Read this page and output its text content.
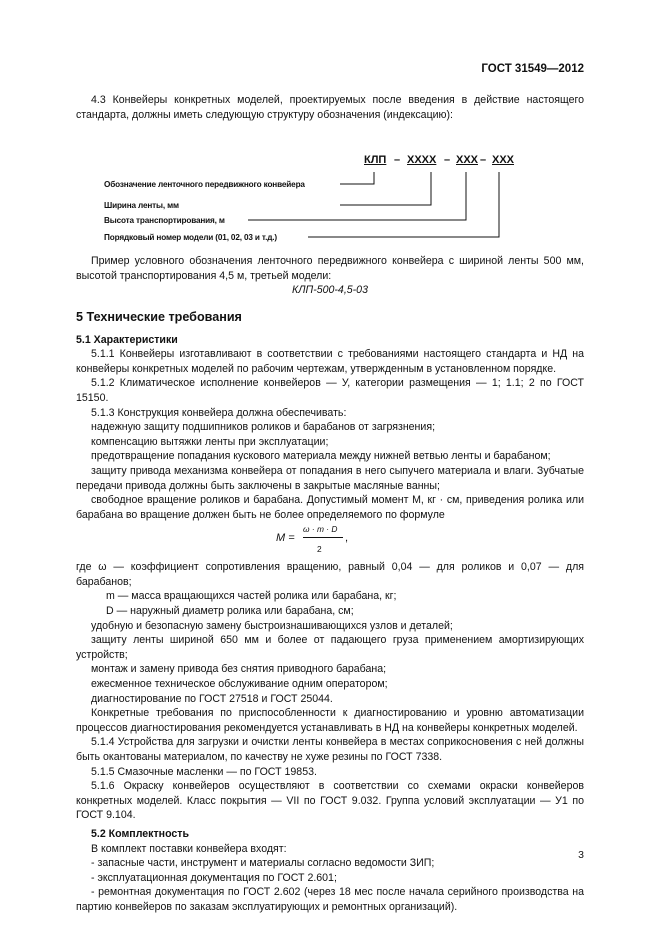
ГОСТ 31549—2012

4.3 Конвейеры конкретных моделей, проектируемых после введения в действие настоящего стандарта, должны иметь следующую структуру обозначения (индексацию):

КЛП – ХХХХ – ХХХ – ХХХ
Обозначение ленточного передвижного конвейера
Ширина ленты, мм
Высота транспортирования, м
Порядковый номер модели (01, 02, 03 и т.д.)

Пример условного обозначения ленточного передвижного конвейера с шириной ленты 500 мм, высотой транспортирования 4,5 м, третьей модели:

КЛП-500-4,5-03

5 Технические требования

5.1 Характеристики

5.1.1 Конвейеры изготавливают в соответствии с требованиями настоящего стандарта и НД на конвейеры конкретных моделей по рабочим чертежам, утвержденным в установленном порядке.

5.1.2 Климатическое исполнение конвейеров — У, категории размещения — 1; 1.1; 2 по ГОСТ 15150.

5.1.3 Конструкция конвейера должна обеспечивать:

надежную защиту подшипников роликов и барабанов от загрязнения;

компенсацию вытяжки ленты при эксплуатации;

предотвращение попадания кускового материала между нижней ветвью ленты и барабаном;

защиту привода механизма конвейера от попадания в него сыпучего материала и влаги. Зубчатые передачи привода должны быть заключены в закрытые масляные ванны;

свободное вращение роликов и барабана. Допустимый момент М, кг · см, приведения ролика или барабана во вращение должен быть не более определяемого по формуле

М =
ω · m · D
2
,

где ω — коэффициент сопротивления вращению, равный 0,04 — для роликов и 0,07 — для барабанов;

m — масса вращающихся частей ролика или барабана, кг;

D — наружный диаметр ролика или барабана, см;

удобную и безопасную замену быстроизнашивающихся узлов и деталей;

защиту ленты шириной 650 мм и более от падающего груза применением амортизирующих устройств;

монтаж и замену привода без снятия приводного барабана;

ежесменное техническое обслуживание одним оператором;

диагностирование по ГОСТ 27518 и ГОСТ 25044.

Конкретные требования по приспособленности к диагностированию и уровню автоматизации процессов диагностирования рекомендуется устанавливать в НД на конвейеры конкретных моделей.

5.1.4 Устройства для загрузки и очистки ленты конвейера в местах соприкосновения с ней должны быть окантованы материалом, по качеству не хуже резины по ГОСТ 7338.

5.1.5 Смазочные масленки — по ГОСТ 19853.

5.1.6 Окраску конвейеров осуществляют в соответствии со схемами окраски конвейеров конкретных моделей. Класс покрытия — VII по ГОСТ 9.032. Группа условий эксплуатации — У1 по ГОСТ 9.104.

5.2 Комплектность

В комплект поставки конвейера входят:

- запасные части, инструмент и материалы согласно ведомости ЗИП;

- эксплуатационная документация по ГОСТ 2.601;

- ремонтная документация по ГОСТ 2.602 (через 18 мес после начала серийного производства на партию конвейеров по заказам эксплуатирующих и ремонтных организаций).

3
